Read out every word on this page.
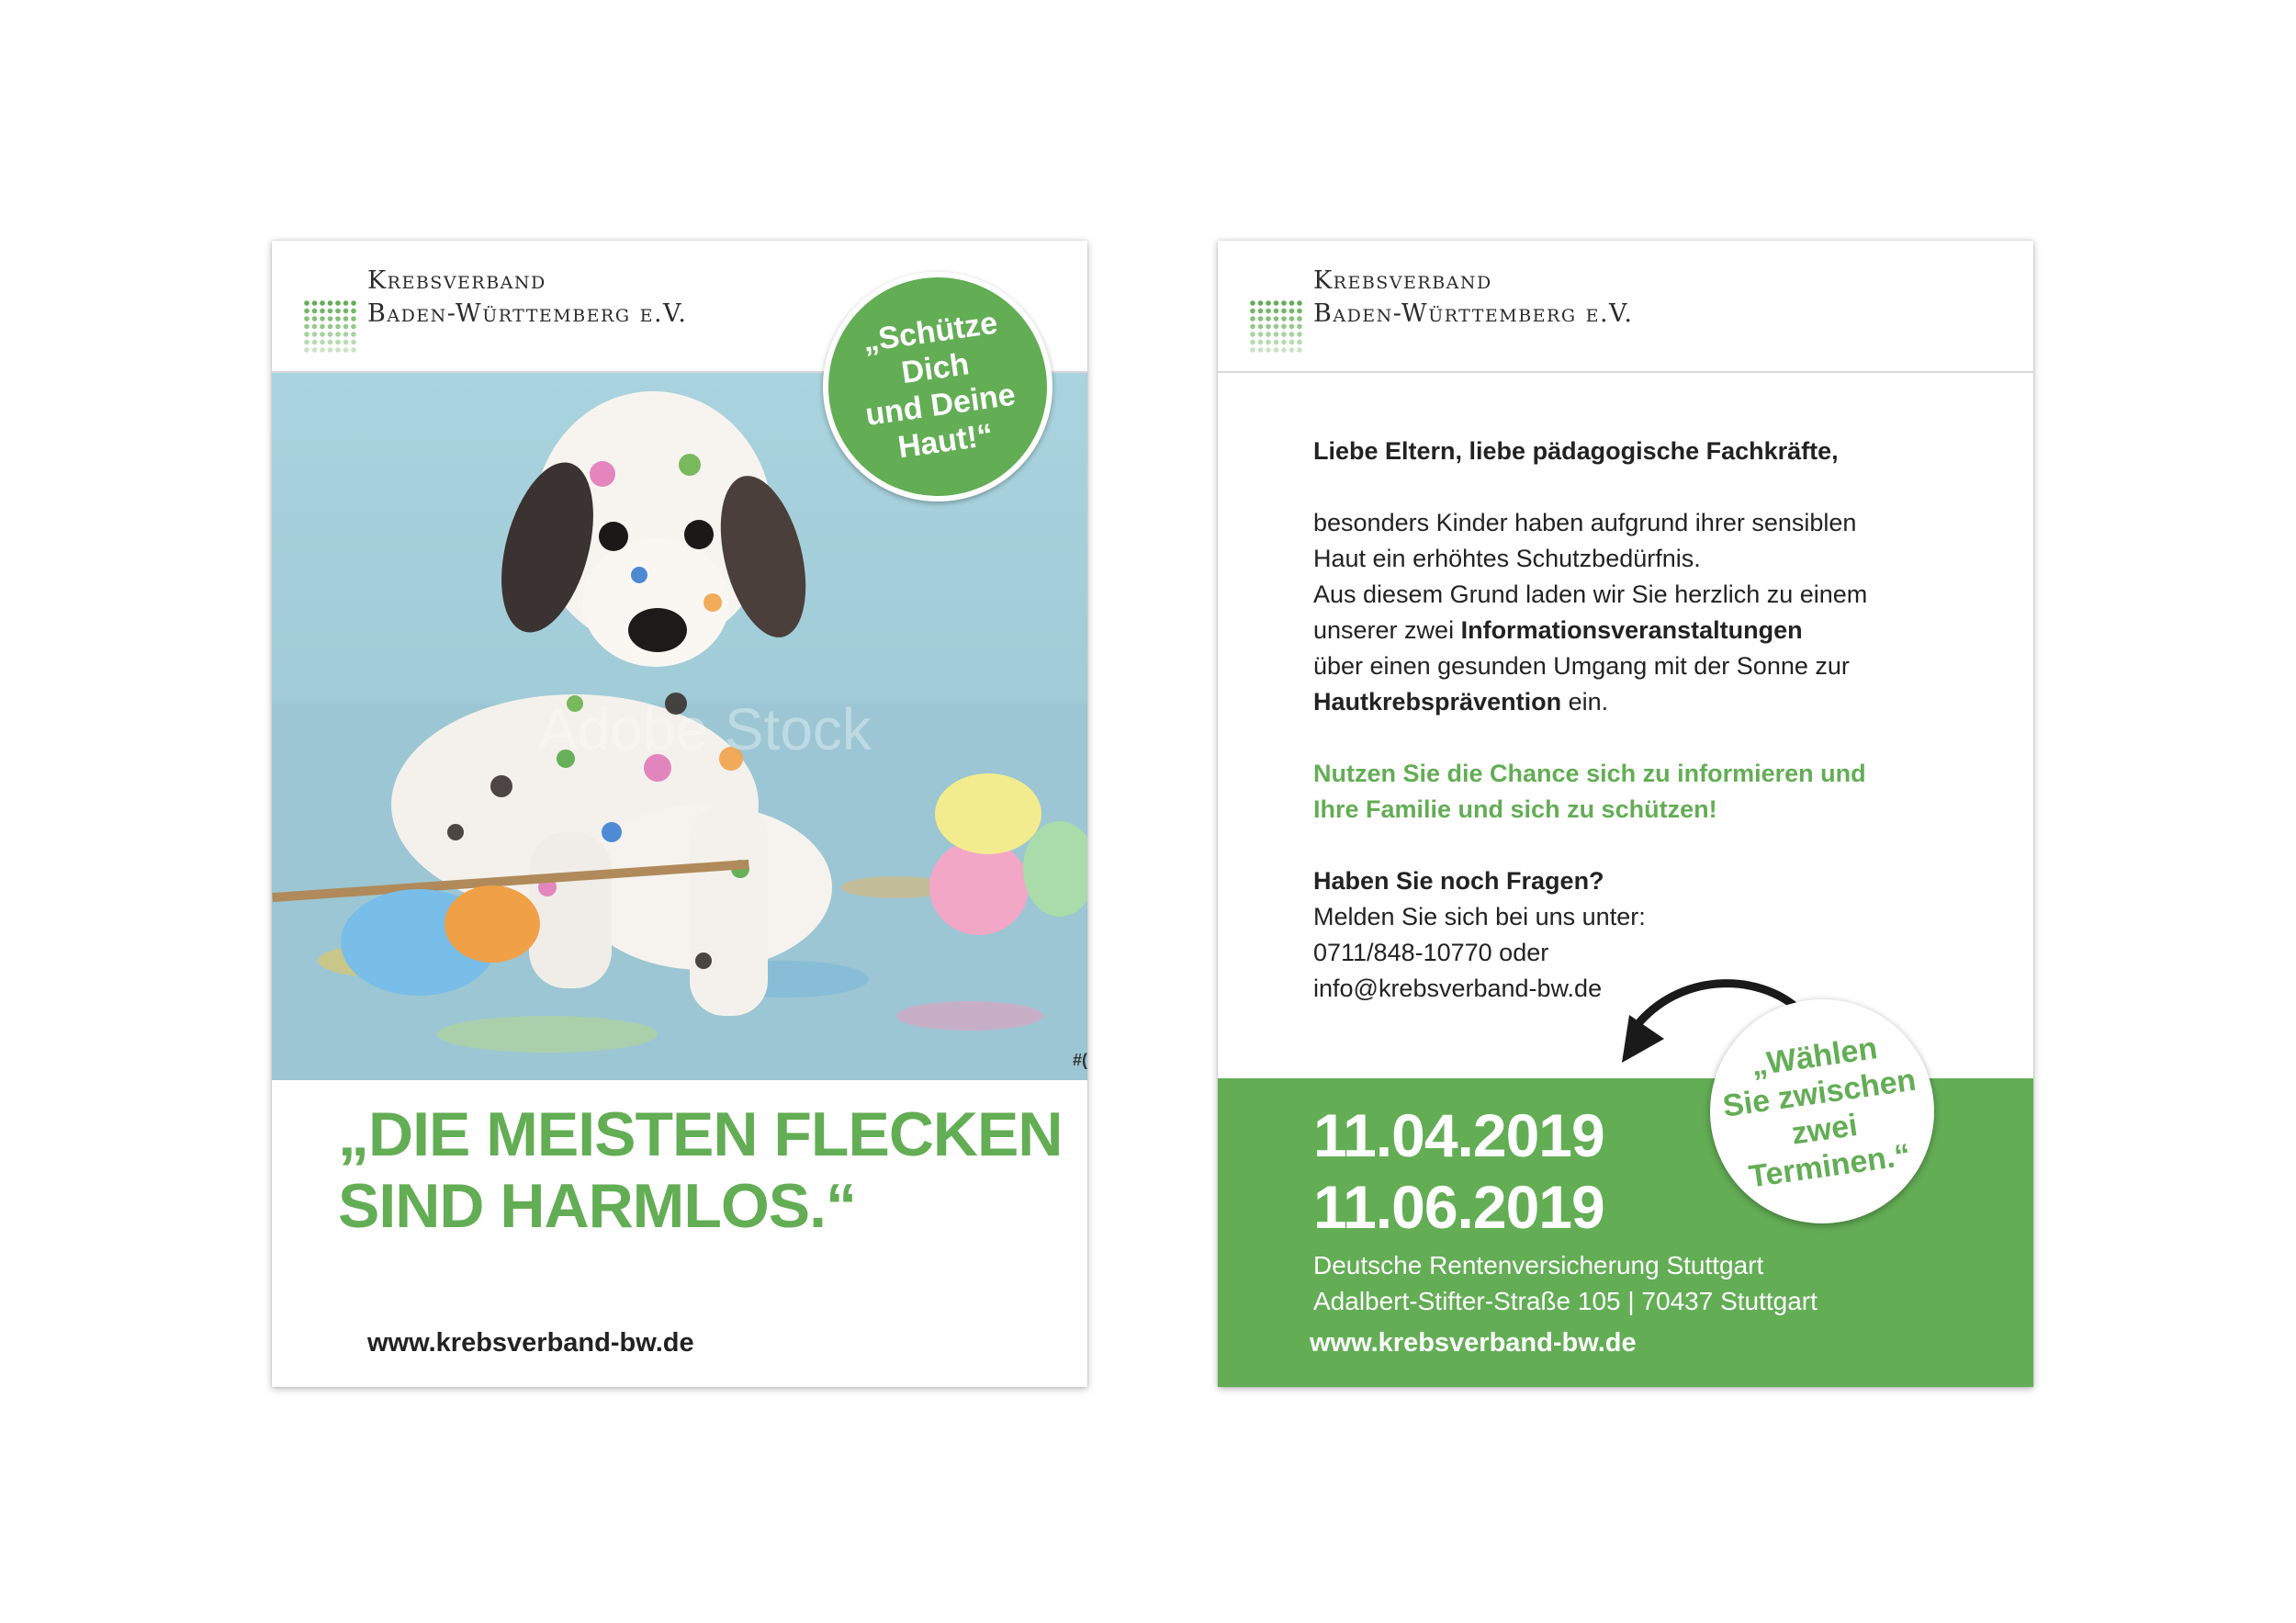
Krebsverband
Baden-Württemberg e.V.
Adobe Stock
„Schütze
Dich
und Deine
Haut!“
#(
„DIE MEISTEN FLECKEN
SIND HARMLOS.“
www.krebsverband-bw.de
Krebsverband
Baden-Württemberg e.V.

Liebe Eltern, liebe pädagogische Fachkräfte,

besonders Kinder haben aufgrund ihrer sensiblen

Haut ein erhöhtes Schutzbedürfnis.

Aus diesem Grund laden wir Sie herzlich zu einem

unserer zwei Informationsveranstaltungen

über einen gesunden Umgang mit der Sonne zur

Hautkrebsprävention ein.

Nutzen Sie die Chance sich zu informieren und
Ihre Familie und sich zu schützen!

Haben Sie noch Fragen?

Melden Sie sich bei uns unter:

0711/848-10770 oder

info@krebsverband-bw.de

11.04.2019
11.06.2019
Deutsche Rentenversicherung Stuttgart
Adalbert-Stifter-Straße 105 | 70437 Stuttgart
www.krebsverband-bw.de
„Wählen
Sie zwischen
zwei
Terminen.“
